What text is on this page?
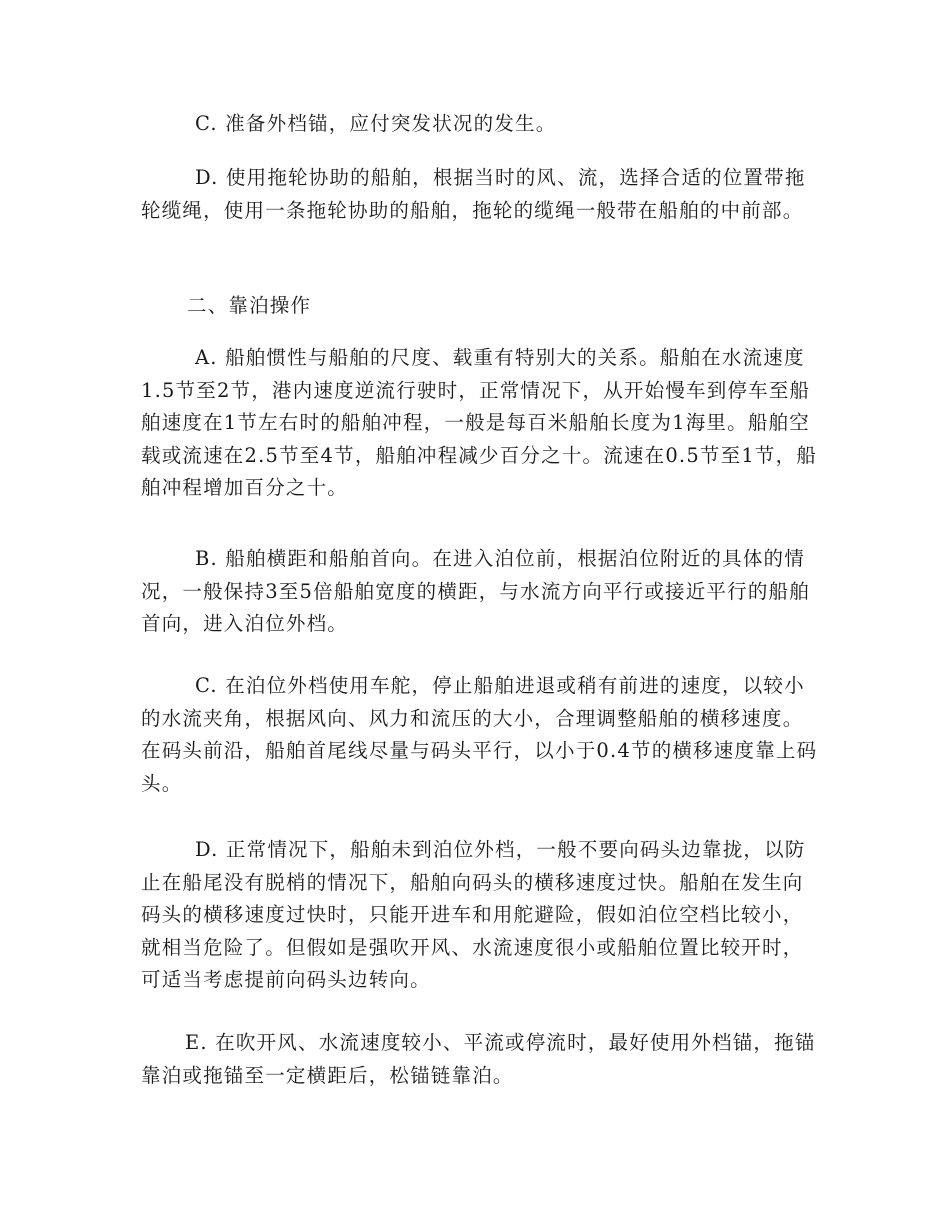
C. 准备外档锚，应付突发状况的发生。

D. 使用拖轮协助的船舶，根据当时的风、流，选择合适的位置带拖轮缆绳，使用一条拖轮协助的船舶，拖轮的缆绳一般带在船舶的中前部。

二、靠泊操作

A. 船舶惯性与船舶的尺度、载重有特别大的关系。船舶在水流速度1.5节至2节，港内速度逆流行驶时，正常情况下，从开始慢车到停车至船舶速度在1节左右时的船舶冲程，一般是每百米船舶长度为1海里。船舶空载或流速在2.5节至4节，船舶冲程减少百分之十。流速在0.5节至1节，船舶冲程增加百分之十。

B. 船舶横距和船舶首向。在进入泊位前，根据泊位附近的具体的情况，一般保持3至5倍船舶宽度的横距，与水流方向平行或接近平行的船舶首向，进入泊位外档。

C. 在泊位外档使用车舵，停止船舶进退或稍有前进的速度，以较小的水流夹角，根据风向、风力和流压的大小，合理调整船舶的横移速度。在码头前沿，船舶首尾线尽量与码头平行，以小于0.4节的横移速度靠上码头。

D. 正常情况下，船舶未到泊位外档，一般不要向码头边靠拢，以防止在船尾没有脱梢的情况下，船舶向码头的横移速度过快。船舶在发生向码头的横移速度过快时，只能开进车和用舵避险，假如泊位空档比较小，就相当危险了。但假如是强吹开风、水流速度很小或船舶位置比较开时，可适当考虑提前向码头边转向。

E. 在吹开风、水流速度较小、平流或停流时，最好使用外档锚，拖锚靠泊或拖锚至一定横距后，松锚链靠泊。
